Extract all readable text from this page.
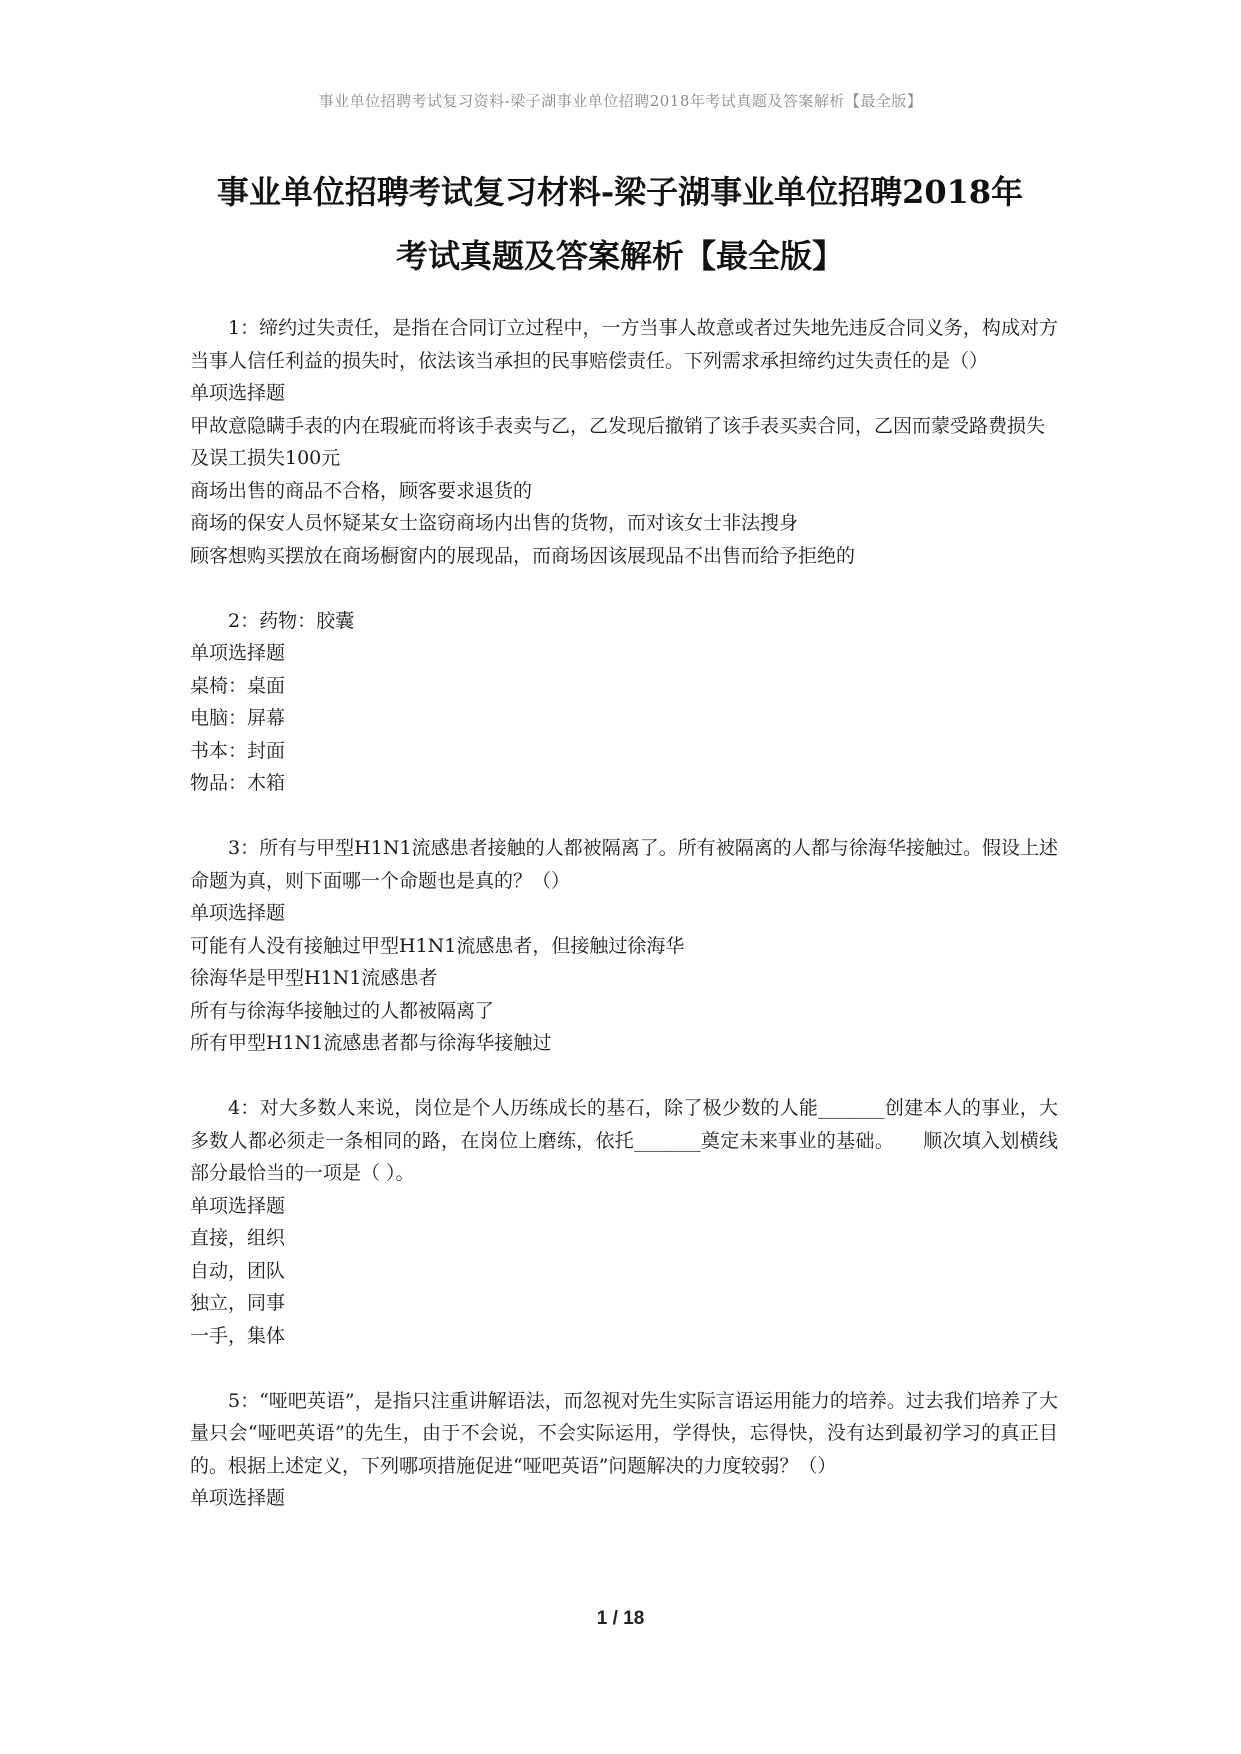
事业单位招聘考试复习资料-梁子湖事业单位招聘2018年考试真题及答案解析【最全版】
事业单位招聘考试复习材料-梁子湖事业单位招聘2018年
考试真题及答案解析【最全版】

1：缔约过失责任，是指在合同订立过程中，一方当事人故意或者过失地先违反合同义务，构成对方当事人信任利益的损失时，依法该当承担的民事赔偿责任。下列需求承担缔约过失责任的是（）

单项选择题

甲故意隐瞒手表的内在瑕疵而将该手表卖与乙，乙发现后撤销了该手表买卖合同，乙因而蒙受路费损失及误工损失100元

商场出售的商品不合格，顾客要求退货的

商场的保安人员怀疑某女士盗窃商场内出售的货物，而对该女士非法搜身

顾客想购买摆放在商场橱窗内的展现品，而商场因该展现品不出售而给予拒绝的

2：药物：胶囊

单项选择题

桌椅：桌面

电脑：屏幕

书本：封面

物品：木箱

3：所有与甲型H1N1流感患者接触的人都被隔离了。所有被隔离的人都与徐海华接触过。假设上述命题为真，则下面哪一个命题也是真的？（）

单项选择题

可能有人没有接触过甲型H1N1流感患者，但接触过徐海华

徐海华是甲型H1N1流感患者

所有与徐海华接触过的人都被隔离了

所有甲型H1N1流感患者都与徐海华接触过

4：对大多数人来说，岗位是个人历练成长的基石，除了极少数的人能_______创建本人的事业，大多数人都必须走一条相同的路，在岗位上磨练，依托_______奠定未来事业的基础。　　顺次填入划横线部分最恰当的一项是（ ）。

单项选择题

直接，组织

自动，团队

独立，同事

一手，集体

5：“哑吧英语”，是指只注重讲解语法，而忽视对先生实际言语运用能力的培养。过去我们培养了大量只会“哑吧英语”的先生，由于不会说，不会实际运用，学得快，忘得快，没有达到最初学习的真正目的。根据上述定义，下列哪项措施促进“哑吧英语”问题解决的力度较弱？（）

单项选择题

1 / 18
